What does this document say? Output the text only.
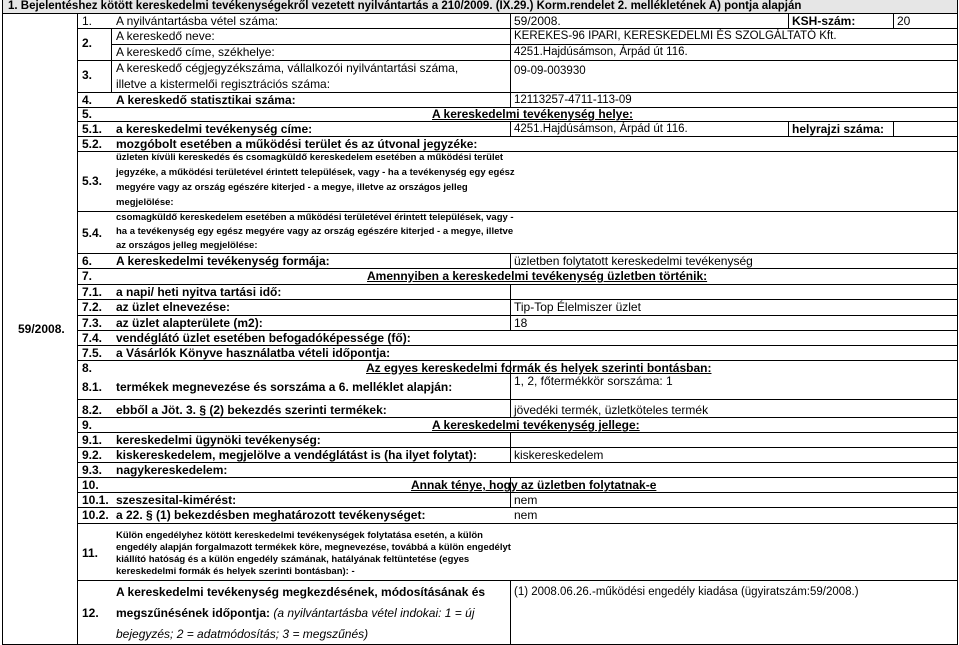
1. Bejelentéshez kötött kereskedelmi tevékenységekről vezetett nyilvántartás a 210/2009. (IX.29.) Korm.rendelet 2. mellékletének A) pontja alapján
59/2008.
1. A nyilvántartásba vétel száma:	59/2008.	KSH-szám:	20
2. A kereskedő neve:	KEREKES-96 IPARI, KERESKEDELMI ÉS SZOLGÁLTATÓ Kft.
A kereskedő címe, székhelye:	4251.Hajdúsámson, Árpád út 116.
3. A kereskedő cégjegyzékszáma, vállalkozói nyilvántartási száma,
illetve a kistermelői regisztrációs száma:
09-09-003930
4. A kereskedő statisztikai száma:	12113257-4711-113-09
5.	A kereskedelmi tevékenység helye:
5.1. a kereskedelmi tevékenység címe:	4251.Hajdúsámson, Árpád út 116.	helyrajzi száma:
5.2. mozgóbolt esetében a működési terület és az útvonal jegyzéke:
5.3.
üzleten kívüli kereskedés és csomagküldő kereskedelem esetében a működési terület
jegyzéke, a működési területével érintett települések, vagy - ha a tevékenység egy egész
megyére vagy az ország egészére kiterjed - a megye, illetve az országos jelleg
megjelölése:
5.4.
csomagküldő kereskedelem esetében a működési területével érintett települések, vagy -
ha a tevékenység egy egész megyére vagy az ország egészére kiterjed - a megye, illetve
az országos jelleg megjelölése:
6. A kereskedelmi tevékenység formája:	üzletben folytatott kereskedelmi tevékenység
7.	Amennyiben a kereskedelmi tevékenység üzletben történik:
7.1. a napi/ heti nyitva tartási idő:
7.2. az üzlet elnevezése:	Tip-Top Élelmiszer üzlet
7.3. az üzlet alapterülete (m2):	18
7.4. vendéglátó üzlet esetében befogadóképessége (fő):
7.5. a Vásárlók Könyve használatba vételi időpontja:
8.	Az egyes kereskedelmi formák és helyek szerinti bontásban:
8.1. termékek megnevezése és sorszáma a 6. melléklet alapján:	1, 2, főtermékkör sorszáma: 1
8.2. ebből a Jöt. 3. § (2) bekezdés szerinti termékek:	jövedéki termék, üzletköteles termék
9.	A kereskedelmi tevékenység jellege:
9.1. kereskedelmi ügynöki tevékenység:
9.2. kiskereskedelem, megjelölve a vendéglátást is (ha ilyet folytat):	kiskereskedelem
9.3. nagykereskedelem:
10.	Annak ténye, hogy az üzletben folytatnak-e
10.1. szeszesital-kimérést:	nem
10.2. a 22. § (1) bekezdésben meghatározott tevékenységet:	nem
11.
Külön engedélyhez kötött kereskedelmi tevékenységek folytatása esetén, a külön
engedély alapján forgalmazott termékek köre, megnevezése, továbbá a külön engedélyt
kiállító hatóság és a külön engedély számának, hatályának feltüntetése (egyes
kereskedelmi formák és helyek szerinti bontásban): -
12.
A kereskedelmi tevékenység megkezdésének, módosításának és
megszűnésének időpontja: (a nyilvántartásba vétel indokai: 1 = új
bejegyzés; 2 = adatmódosítás; 3 = megszűnés)
(1) 2008.06.26.-működési engedély kiadása (ügyiratszám:59/2008.)
